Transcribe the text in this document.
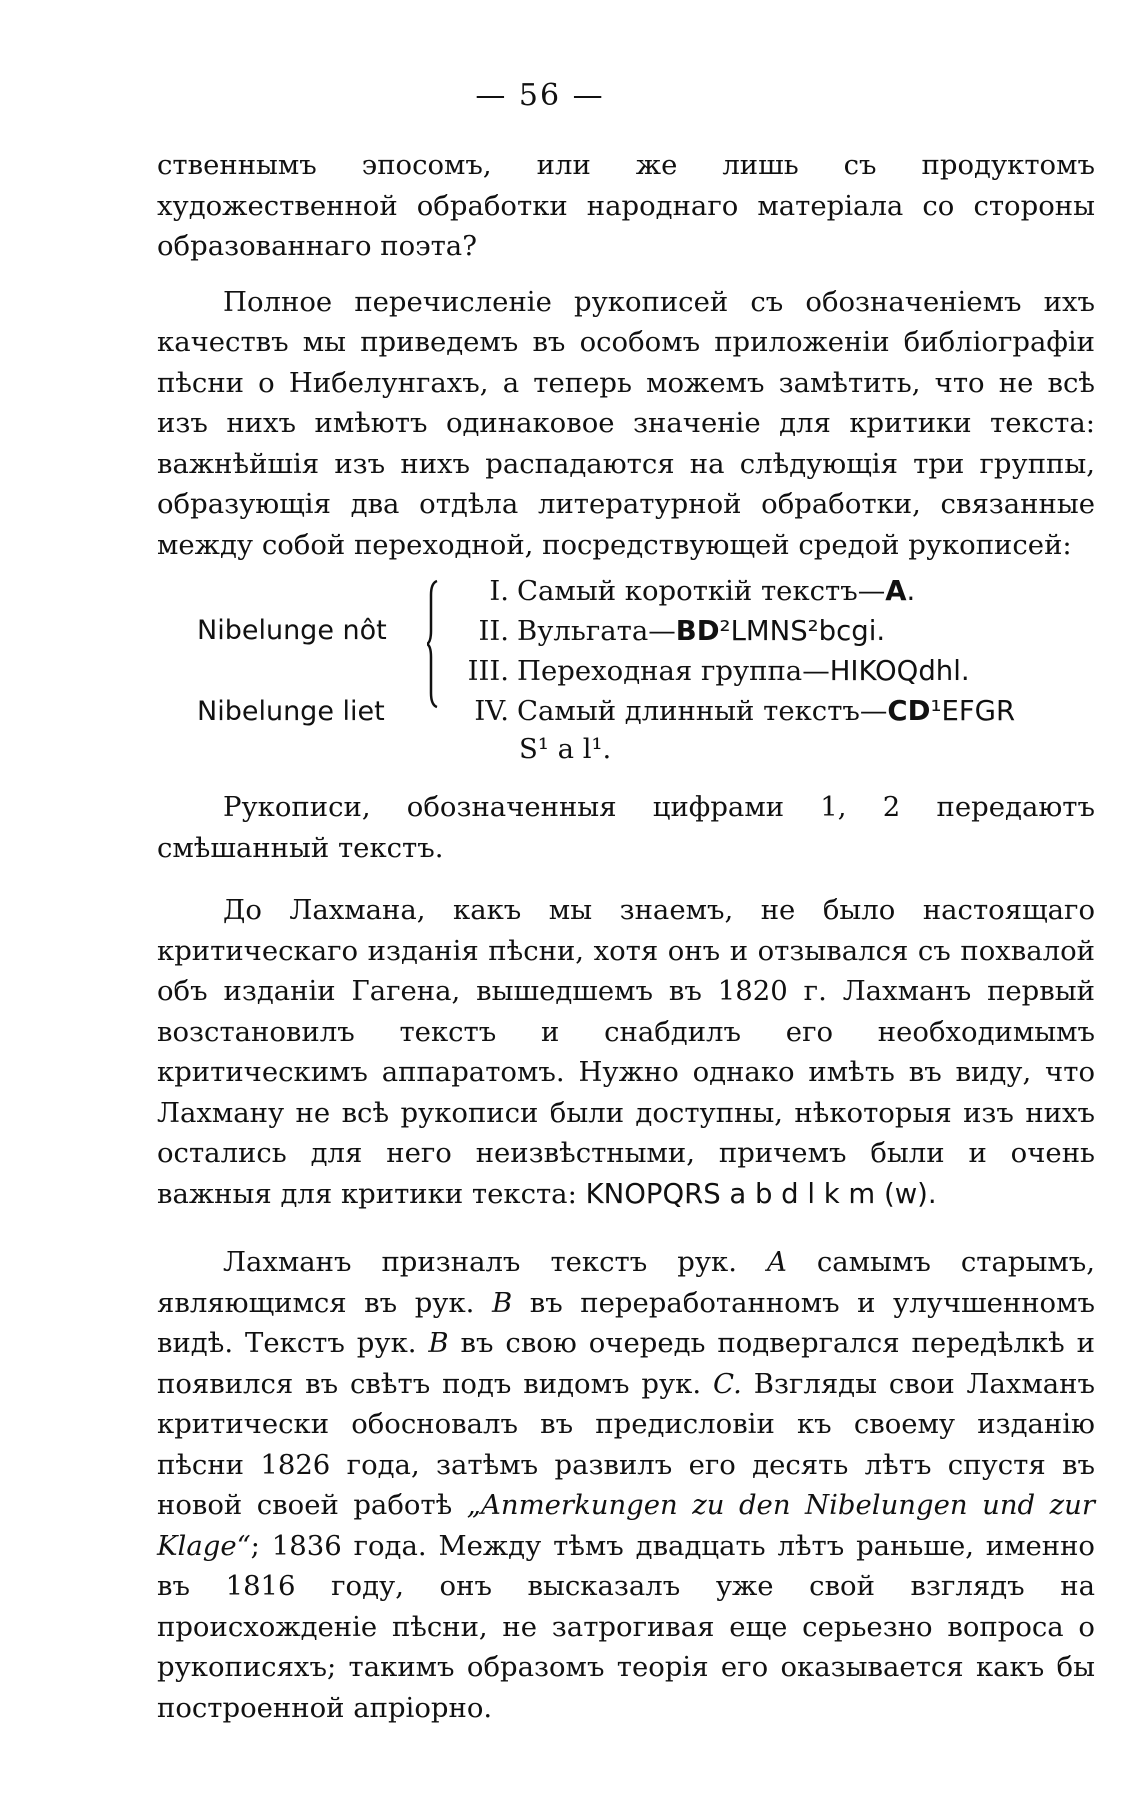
— 56 —

ственнымъ эпосомъ, или же лишь съ продуктомъ художественной обработки народнаго матеріала со стороны образованнаго поэта?

Полное перечисленіе рукописей съ обозначеніемъ ихъ качествъ мы приведемъ въ особомъ приложеніи библіографіи пѣсни о Нибелунгахъ, а теперь можемъ замѣтить, что не всѣ изъ нихъ имѣютъ одинаковое значеніе для критики текста: важнѣйшія изъ нихъ распадаются на слѣдующія три группы, образующія два отдѣла литературной обработки, связанные между собой переходной, посредствующей средой рукописей:

Nibelunge nôt
Nibelunge liet
I. Самый короткій текстъ—A.
II. Вульгата—BD²LMNS²bcgi.
III. Переходная группа—HIKOQdhl.
IV. Самый длинный текстъ—CD¹EFGR
S¹ a l¹.

Рукописи, обозначенныя цифрами 1, 2 передаютъ смѣшанный текстъ.

До Лахмана, какъ мы знаемъ, не было настоящаго критическаго изданія пѣсни, хотя онъ и отзывался съ похвалой объ изданіи Гагена, вышедшемъ въ 1820 г. Лахманъ первый возстановилъ текстъ и снабдилъ его необходимымъ критическимъ аппаратомъ. Нужно однако имѣть въ виду, что Лахману не всѣ рукописи были доступны, нѣкоторыя изъ нихъ остались для него неизвѣстными, причемъ были и очень важныя для критики текста: KNOPQRS a b d l k m (w).

Лахманъ призналъ текстъ рук. A самымъ старымъ, являющимся въ рук. B въ переработанномъ и улучшенномъ видѣ. Текстъ рук. B въ свою очередь подвергался передѣлкѣ и появился въ свѣтъ подъ видомъ рук. C. Взгляды свои Лахманъ критически обосновалъ въ предисловіи къ своему изданію пѣсни 1826 года, затѣмъ развилъ его десять лѣтъ спустя въ новой своей работѣ „Anmerkungen zu den Nibelungen und zur Klage“; 1836 года. Между тѣмъ двадцать лѣтъ раньше, именно въ 1816 году, онъ высказалъ уже свой взглядъ на происхожденіе пѣсни, не затрогивая еще серьезно вопроса о рукописяхъ; такимъ образомъ теорія его оказывается какъ бы построенной апріорно.
